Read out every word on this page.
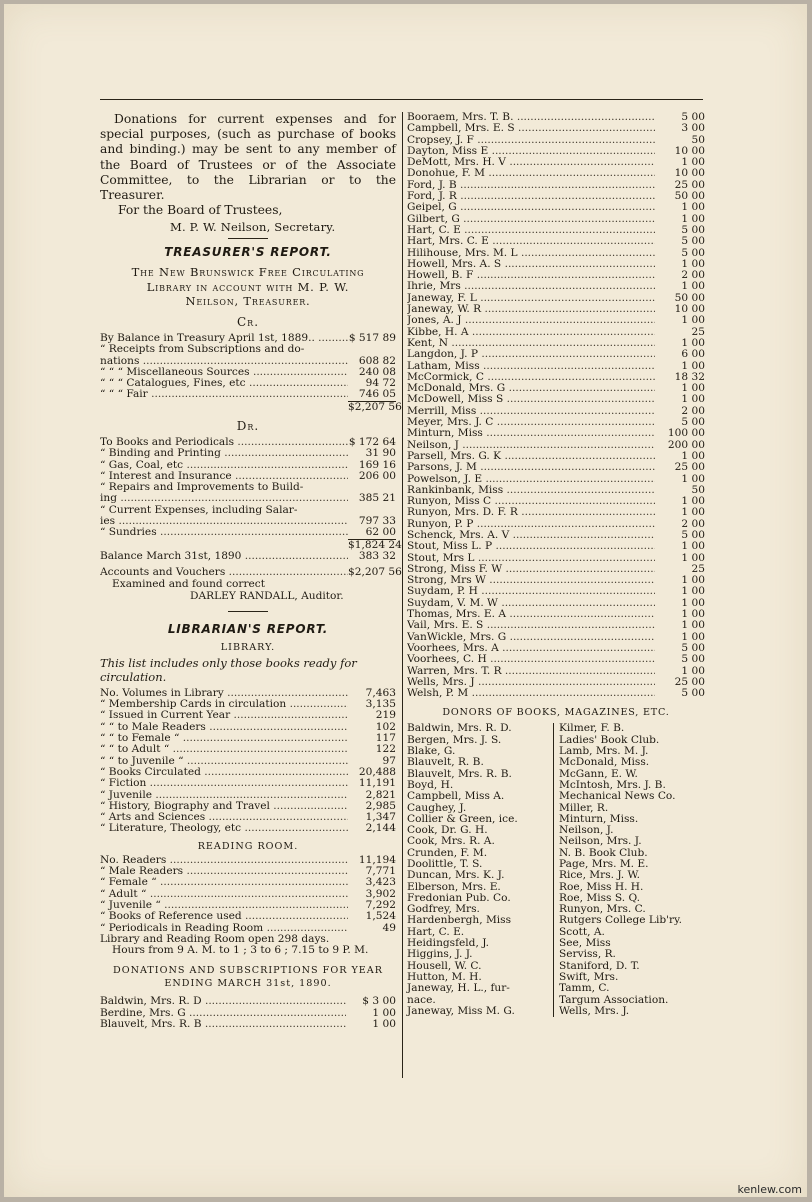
Donations for current expenses and for special purposes, (such as purchase of books and binding.) may be sent to any member of the Board of Trustees or of the Associate Committee, to the Librarian or to the Treasurer.

For the Board of Trustees,

M. P. W. Neilson, Secretary.
TREASURER'S REPORT.
The New Brunswick Free Circulating
Library in account with M. P. W.
Neilson, Treasurer.
Cr.
By Balance in Treasury April 1st, 1889.. .....	$ 517 89
“ Receipts from Subscriptions and do-
nations .....	608 82
“ “ “ Miscellaneous Sources .....	240 08
“ “ “ Catalogues, Fines, etc .....	94 72
“ “ “ Fair .....	746 05
$2,207 56
Dr.
To Books and Periodicals .....	$ 172 64
“ Binding and Printing .....	31 90
“ Gas, Coal, etc .....	169 16
“ Interest and Insurance .....	206 00
“ Repairs and Improvements to Build-
ing .....	385 21
“ Current Expenses, including Salar-
ies .....	797 33
“ Sundries .....	62 00
$1,824 24
Balance March 31st, 1890 .....	383 32
Accounts and Vouchers .....	$2,207 56
Examined and found correct
DARLEY RANDALL, Auditor.
LIBRARIAN'S REPORT.
LIBRARY.
This list includes only those books ready for circulation.
No. Volumes in Library .....	7,463
“ Membership Cards in circulation .....	3,135
“ Issued in Current Year .....	219
“ “ to Male Readers .....	102
“ “ to Female “ .....	117
“ “ to Adult “ .....	122
“ “ to Juvenile “ .....	97
“ Books Circulated .....	20,488
“ Fiction .....	11,191
“ Juvenile .....	2,821
“ History, Biography and Travel .....	2,985
“ Arts and Sciences .....	1,347
“ Literature, Theology, etc .....	2,144
READING ROOM.
No. Readers .....	11,194
“ Male Readers .....	7,771
“ Female “ .....	3,423
“ Adult “ .....	3,902
“ Juvenile “ .....	7,292
“ Books of Reference used .....	1,524
“ Periodicals in Reading Room .....	49
Library and Reading Room open 298 days.
Hours from 9 A. M. to 1 ; 3 to 6 ; 7.15 to 9 P. M.
DONATIONS AND SUBSCRIPTIONS FOR YEAR ENDING MARCH 31st, 1890.
Baldwin, Mrs. R. D .....	$ 3 00
Berdine, Mrs. G .....	1 00
Blauvelt, Mrs. R. B .....	1 00
Booraem, Mrs. T. B. .....	5 00
Campbell, Mrs. E. S .....	3 00
Cropsey, J. F .....	50
Dayton, Miss E .....	10 00
DeMott, Mrs. H. V .....	1 00
Donohue, F. M .....	10 00
Ford, J. B .....	25 00
Ford, J. R .....	50 00
Geipel, G .....	1 00
Gilbert, G .....	1 00
Hart, C. E .....	5 00
Hart, Mrs. C. E .....	5 00
Hilihouse, Mrs. M. L .....	5 00
Howell, Mrs. A. S .....	1 00
Howell, B. F .....	2 00
Ihrie, Mrs .....	1 00
Janeway, F. L .....	50 00
Janeway, W. R .....	10 00
Jones, A. J .....	1 00
Kibbe, H. A .....	25
Kent, N .....	1 00
Langdon, J. P .....	6 00
Latham, Miss .....	1 00
McCormick, C .....	18 32
McDonald, Mrs. G .....	1 00
McDowell, Miss S .....	1 00
Merrill, Miss .....	2 00
Meyer, Mrs. J. C .....	5 00
Minturn, Miss .....	100 00
Neilson, J .....	200 00
Parsell, Mrs. G. K .....	1 00
Parsons, J. M .....	25 00
Powelson, J. E .....	1 00
Rankinbank, Miss .....	50
Runyon, Miss C .....	1 00
Runyon, Mrs. D. F. R .....	1 00
Runyon, P. P .....	2 00
Schenck, Mrs. A. V .....	5 00
Stout, Miss L. P .....	1 00
Stout, Mrs L .....	1 00
Strong, Miss F. W .....	25
Strong, Mrs W .....	1 00
Suydam, P. H .....	1 00
Suydam, V. M. W .....	1 00
Thomas, Mrs. E. A .....	1 00
Vail, Mrs. E. S .....	1 00
VanWickle, Mrs. G .....	1 00
Voorhees, Mrs. A .....	5 00
Voorhees, C. H .....	5 00
Warren, Mrs. T. R .....	1 00
Wells, Mrs. J .....	25 00
Welsh, P. M .....	5 00
DONORS OF BOOKS, MAGAZINES, ETC.
Baldwin, Mrs. R. D.
Bergen, Mrs. J. S.
Blake, G.
Blauvelt, R. B.
Blauvelt, Mrs. R. B.
Boyd, H.
Campbell, Miss A.
Caughey, J.
Collier & Green, ice.
Cook, Dr. G. H.
Cook, Mrs. R. A.
Crunden, F. M.
Doolittle, T. S.
Duncan, Mrs. K. J.
Elberson, Mrs. E.
Fredonian Pub. Co.
Godfrey, Mrs.
Hardenbergh, Miss
Hart, C. E.
Heidingsfeld, J.
Higgins, J. J.
Housell, W. C.
Hutton, M. H.
Janeway, H. L., fur-
nace.
Janeway, Miss M. G.
Kilmer, F. B.
Ladies' Book Club.
Lamb, Mrs. M. J.
McDonald, Miss.
McGann, E. W.
McIntosh, Mrs. J. B.
Mechanical News Co.
Miller, R.
Minturn, Miss.
Neilson, J.
Neilson, Mrs. J.
N. B. Book Club.
Page, Mrs. M. E.
Rice, Mrs. J. W.
Roe, Miss H. H.
Roe, Miss S. Q.
Runyon, Mrs. C.
Rutgers College Lib'ry.
Scott, A.
See, Miss
Serviss, R.
Staniford, D. T.
Swift, Mrs.
Tamm, C.
Targum Association.
Wells, Mrs. J.
kenlew.com
